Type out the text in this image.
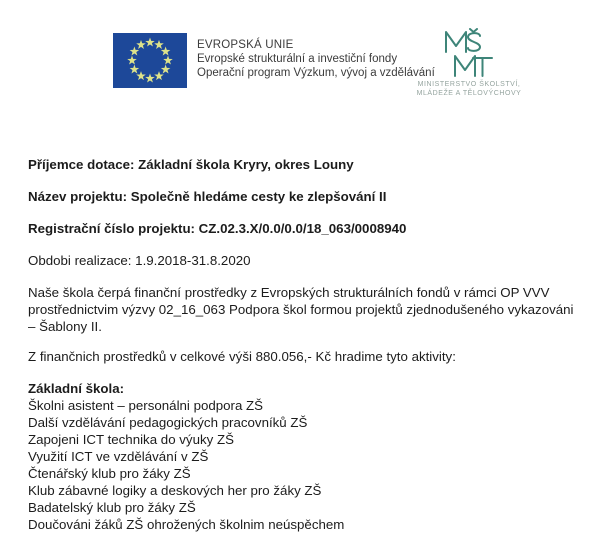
EVROPSKÁ UNIE
Evropské strukturální a investiční fondy
Operační program Výzkum, vývoj a vzdělávání
MINISTERSTVO ŠKOLSTVÍ,
MLÁDEŽE A TĚLOVÝCHOVY

Příjemce dotace: Základní škola Kryry, okres Louny

Název projektu: Společně hledáme cesty ke zlepšování II

Registrační číslo projektu: CZ.02.3.X/0.0/0.0/18_063/0008940

Obdobi realizace: 1.9.2018-31.8.2020

Naše škola čerpá finanční prostředky z Evropských strukturálních fondů v rámci OP VVV
prostřednictvim výzvy 02_16_063 Podpora škol formou projektů zjednodušeného vykazováni
– Šablony II.

Z finančnich prostředků v celkové výši 880.056,- Kč hradime tyto aktivity:

Základní škola:
Školni asistent – personálni podpora ZŠ
Další vzdělávání pedagogických pracovníků ZŠ
Zapojeni ICT technika do výuky ZŠ
Využití ICT ve vzdělávání v ZŠ
Čtenářský klub pro žáky ZŠ
Klub zábavné logiky a deskových her pro žáky ZŠ
Badatelský klub pro žáky ZŠ
Doučováni žáků ZŠ ohrožených školnim neúspěchem
